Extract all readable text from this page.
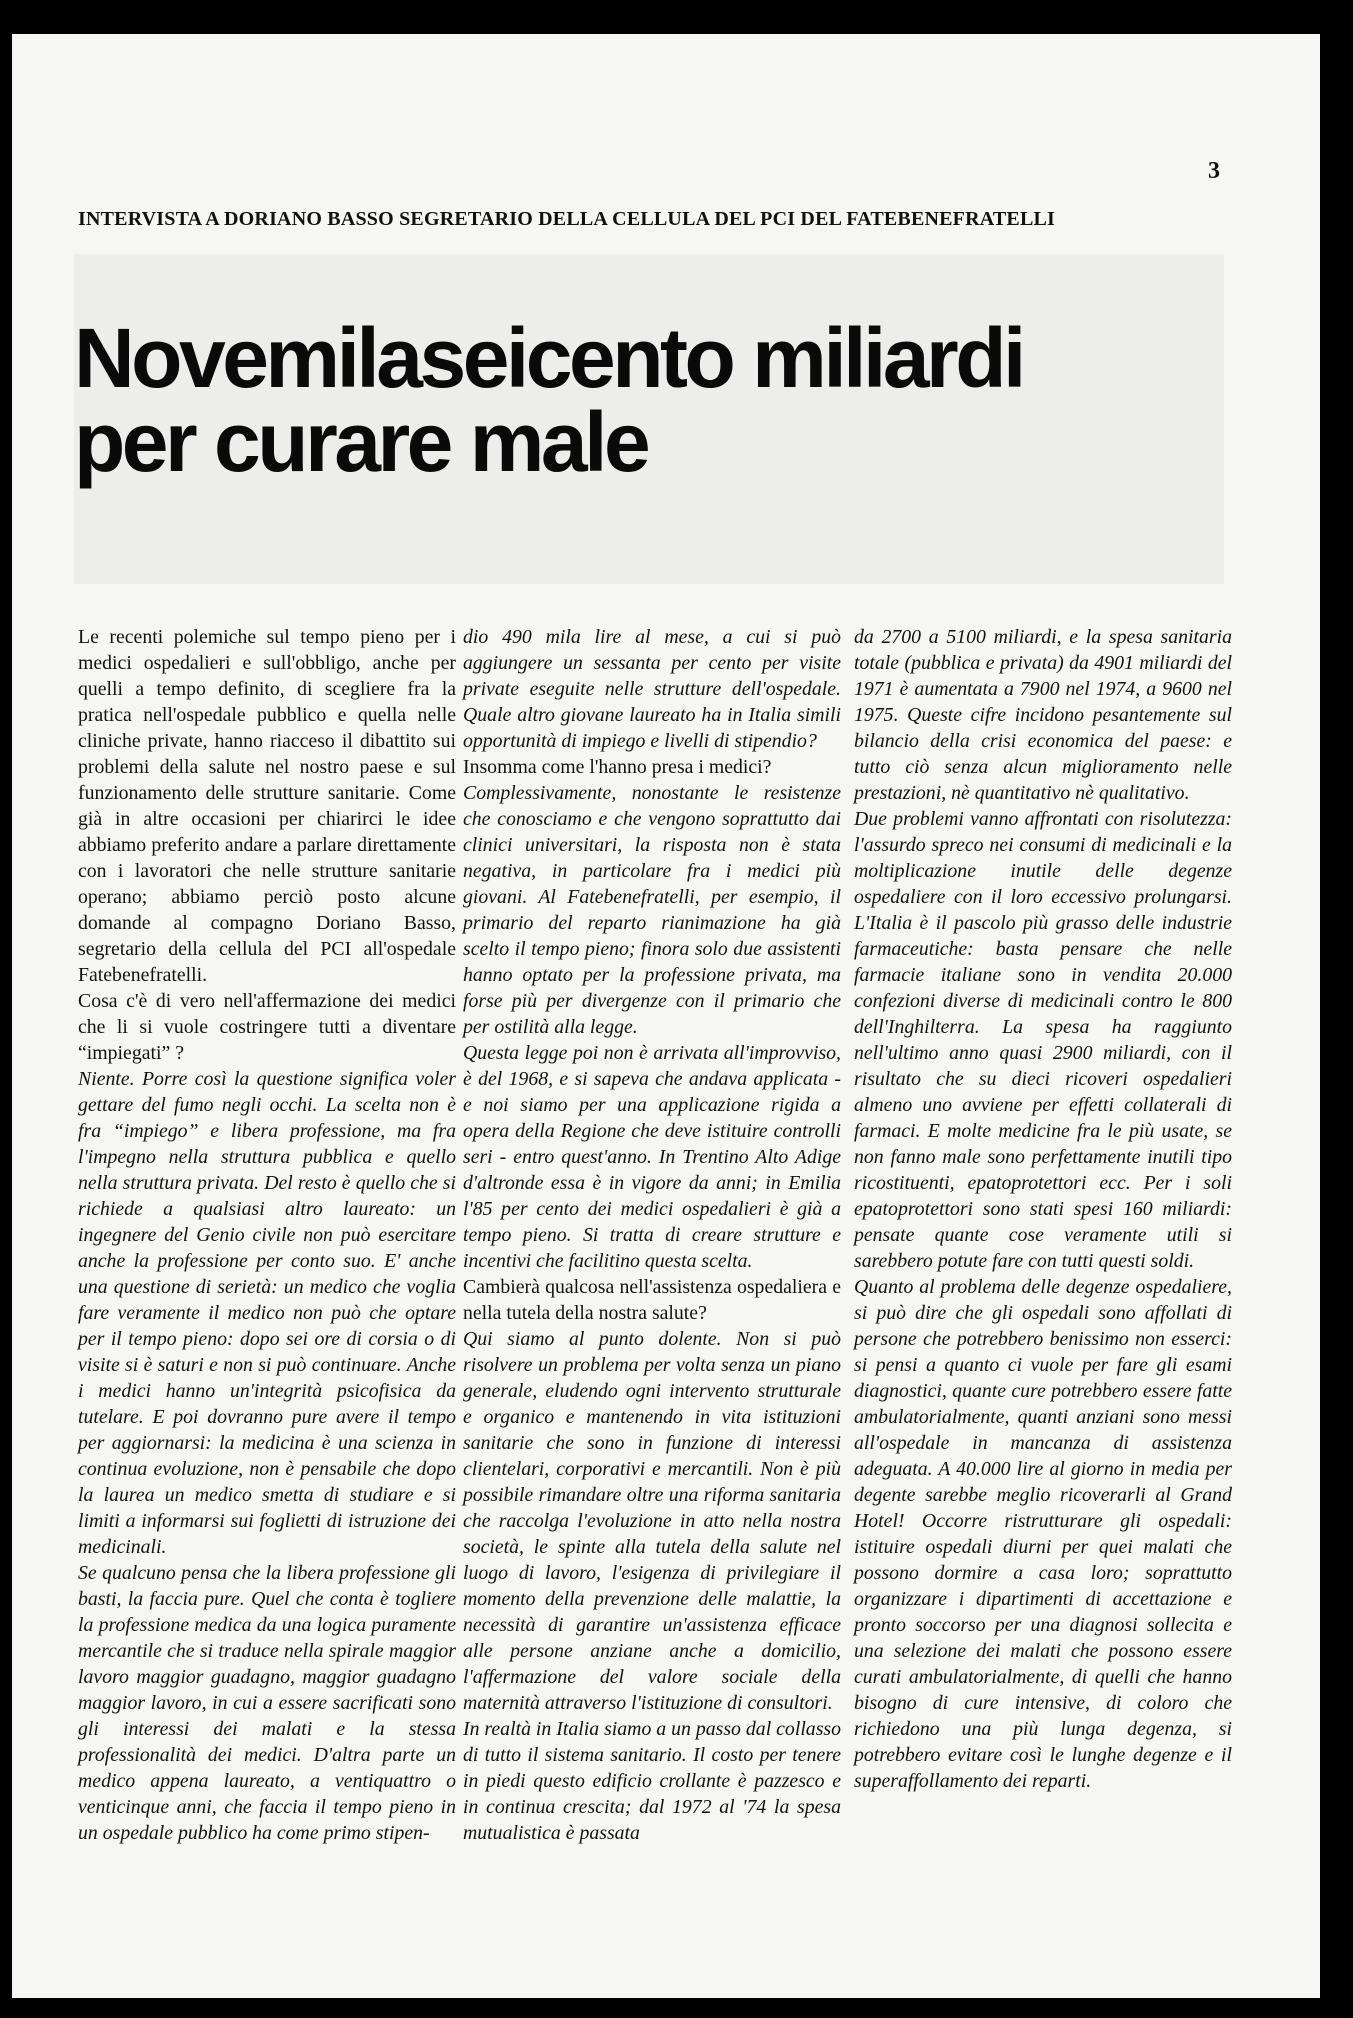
3
INTERVISTA A DORIANO BASSO SEGRETARIO DELLA CELLULA DEL PCI DEL FATEBENEFRATELLI
Novemilaseicento miliardi
per curare male

Le recenti polemiche sul tempo pieno per i medici ospedalieri e sull'obbligo, anche per quelli a tempo definito, di scegliere fra la pratica nell'ospedale pubblico e quella nelle cliniche private, hanno riacceso il dibattito sui problemi della salute nel nostro paese e sul funzionamento delle strutture sanitarie. Come già in altre occasioni per chiarirci le idee abbiamo preferito andare a parlare direttamente con i lavoratori che nelle strutture sanitarie operano; abbiamo perciò posto alcune domande al compagno Doriano Basso, segretario della cellula del PCI all'ospedale Fatebenefratelli.

Cosa c'è di vero nell'affermazione dei medici che li si vuole costringere tutti a diventare “impiegati” ?

Niente. Porre così la questione significa voler gettare del fumo negli occhi. La scelta non è fra “impiego” e libera professione, ma fra l'impegno nella struttura pubblica e quello nella struttura privata. Del resto è quello che si richiede a qualsiasi altro laureato: un ingegnere del Genio civile non può esercitare anche la professione per conto suo. E' anche una questione di serietà: un medico che voglia fare veramente il medico non può che optare per il tempo pieno: dopo sei ore di corsia o di visite si è saturi e non si può continuare. Anche i medici hanno un'integrità psicofisica da tutelare. E poi dovranno pure avere il tempo per aggiornarsi: la medicina è una scienza in continua evoluzione, non è pensabile che dopo la laurea un medico smetta di studiare e si limiti a informarsi sui foglietti di istruzione dei medicinali.

Se qualcuno pensa che la libera professione gli basti, la faccia pure. Quel che conta è togliere la professione medica da una logica puramente mercantile che si traduce nella spirale maggior lavoro maggior guadagno, maggior guadagno maggior lavoro, in cui a essere sacrificati sono gli interessi dei malati e la stessa professionalità dei medici. D'altra parte un medico appena laureato, a ventiquattro o venticinque anni, che faccia il tempo pieno in un ospedale pubblico ha come primo stipen-

dio 490 mila lire al mese, a cui si può aggiungere un sessanta per cento per visite private eseguite nelle strutture dell'ospedale. Quale altro giovane laureato ha in Italia simili opportunità di impiego e livelli di stipendio?

Insomma come l'hanno presa i medici?

Complessivamente, nonostante le resistenze che conosciamo e che vengono soprattutto dai clinici universitari, la risposta non è stata negativa, in particolare fra i medici più giovani. Al Fatebenefratelli, per esempio, il primario del reparto rianimazione ha già scelto il tempo pieno; finora solo due assistenti hanno optato per la professione privata, ma forse più per divergenze con il primario che per ostilità alla legge.

Questa legge poi non è arrivata all'improvviso, è del 1968, e si sapeva che andava applicata - e noi siamo per una applicazione rigida a opera della Regione che deve istituire controlli seri - entro quest'anno. In Trentino Alto Adige d'altronde essa è in vigore da anni; in Emilia l'85 per cento dei medici ospedalieri è già a tempo pieno. Si tratta di creare strutture e incentivi che facilitino questa scelta.

Cambierà qualcosa nell'assistenza ospedaliera e nella tutela della nostra salute?

Qui siamo al punto dolente. Non si può risolvere un problema per volta senza un piano generale, eludendo ogni intervento strutturale e organico e mantenendo in vita istituzioni sanitarie che sono in funzione di interessi clientelari, corporativi e mercantili. Non è più possibile rimandare oltre una riforma sanitaria che raccolga l'evoluzione in atto nella nostra società, le spinte alla tutela della salute nel luogo di lavoro, l'esigenza di privilegiare il momento della prevenzione delle malattie, la necessità di garantire un'assistenza efficace alle persone anziane anche a domicilio, l'affermazione del valore sociale della maternità attraverso l'istituzione di consultori.

In realtà in Italia siamo a un passo dal collasso di tutto il sistema sanitario. Il costo per tenere in piedi questo edificio crollante è pazzesco e in continua crescita; dal 1972 al '74 la spesa mutualistica è passata

da 2700 a 5100 miliardi, e la spesa sanitaria totale (pubblica e privata) da 4901 miliardi del 1971 è aumentata a 7900 nel 1974, a 9600 nel 1975. Queste cifre incidono pesantemente sul bilancio della crisi economica del paese: e tutto ciò senza alcun miglioramento nelle prestazioni, nè quantitativo nè qualitativo.

Due problemi vanno affrontati con risolutezza: l'assurdo spreco nei consumi di medicinali e la moltiplicazione inutile delle degenze ospedaliere con il loro eccessivo prolungarsi. L'Italia è il pascolo più grasso delle industrie farmaceutiche: basta pensare che nelle farmacie italiane sono in vendita 20.000 confezioni diverse di medicinali contro le 800 dell'Inghilterra. La spesa ha raggiunto nell'ultimo anno quasi 2900 miliardi, con il risultato che su dieci ricoveri ospedalieri almeno uno avviene per effetti collaterali di farmaci. E molte medicine fra le più usate, se non fanno male sono perfettamente inutili tipo ricostituenti, epatoprotettori ecc. Per i soli epatoprotettori sono stati spesi 160 miliardi: pensate quante cose veramente utili si sarebbero potute fare con tutti questi soldi.

Quanto al problema delle degenze ospedaliere, si può dire che gli ospedali sono affollati di persone che potrebbero benissimo non esserci: si pensi a quanto ci vuole per fare gli esami diagnostici, quante cure potrebbero essere fatte ambulatorialmente, quanti anziani sono messi all'ospedale in mancanza di assistenza adeguata. A 40.000 lire al giorno in media per degente sarebbe meglio ricoverarli al Grand Hotel! Occorre ristrutturare gli ospedali: istituire ospedali diurni per quei malati che possono dormire a casa loro; soprattutto organizzare i dipartimenti di accettazione e pronto soccorso per una diagnosi sollecita e una selezione dei malati che possono essere curati ambulatorialmente, di quelli che hanno bisogno di cure intensive, di coloro che richiedono una più lunga degenza, si potrebbero evitare così le lunghe degenze e il superaffollamento dei reparti.
